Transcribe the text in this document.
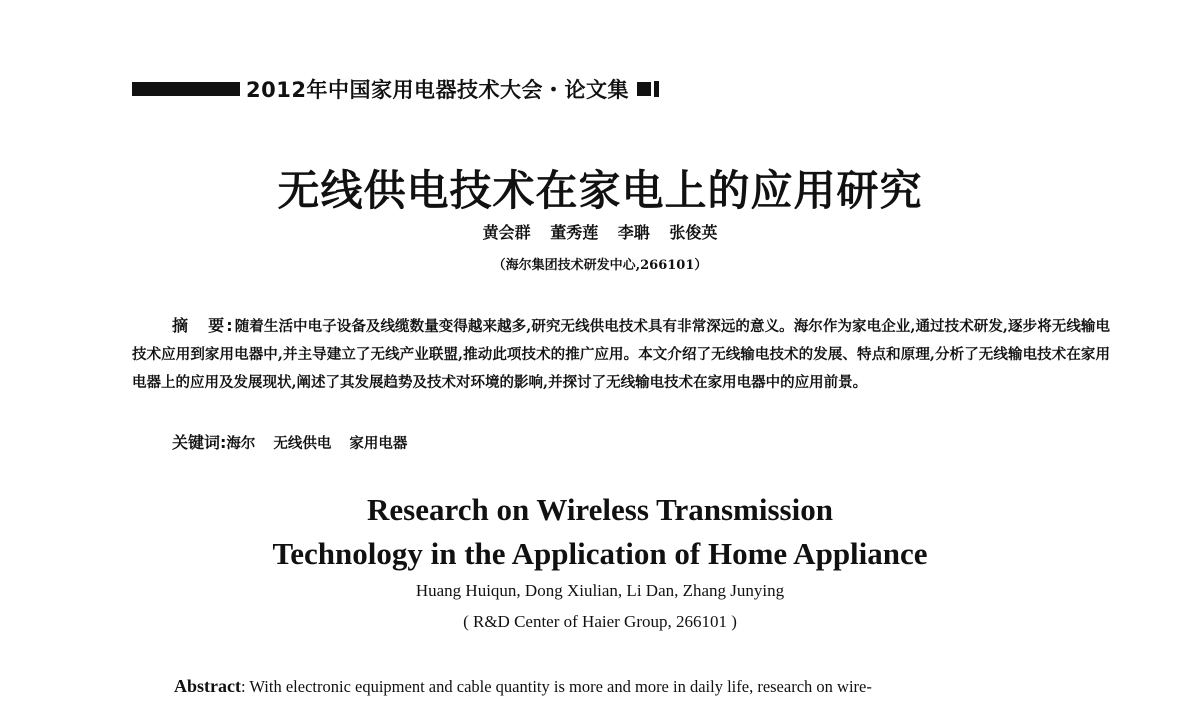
2012年中国家用电器技术大会・论文集
无线供电技术在家电上的应用研究
黄会群 董秀莲 李聃 张俊英
（海尔集团技术研发中心,266101）
摘　要:随着生活中电子设备及线缆数量变得越来越多,研究无线供电技术具有非常深远的意义。海尔作为家电企业,通过技术研发,逐步将无线输电技术应用到家用电器中,并主导建立了无线产业联盟,推动此项技术的推广应用。本文介绍了无线输电技术的发展、特点和原理,分析了无线输电技术在家用电器上的应用及发展现状,阐述了其发展趋势及技术对环境的影响,并探讨了无线输电技术在家用电器中的应用前景。
关键词:海尔 无线供电 家用电器
Research on Wireless Transmission
Technology in the Application of Home Appliance
Huang Huiqun, Dong Xiulian, Li Dan, Zhang Junying
( R&D Center of Haier Group, 266101 )
Abstract: With electronic equipment and cable quantity is more and more in daily life, research on wire-
